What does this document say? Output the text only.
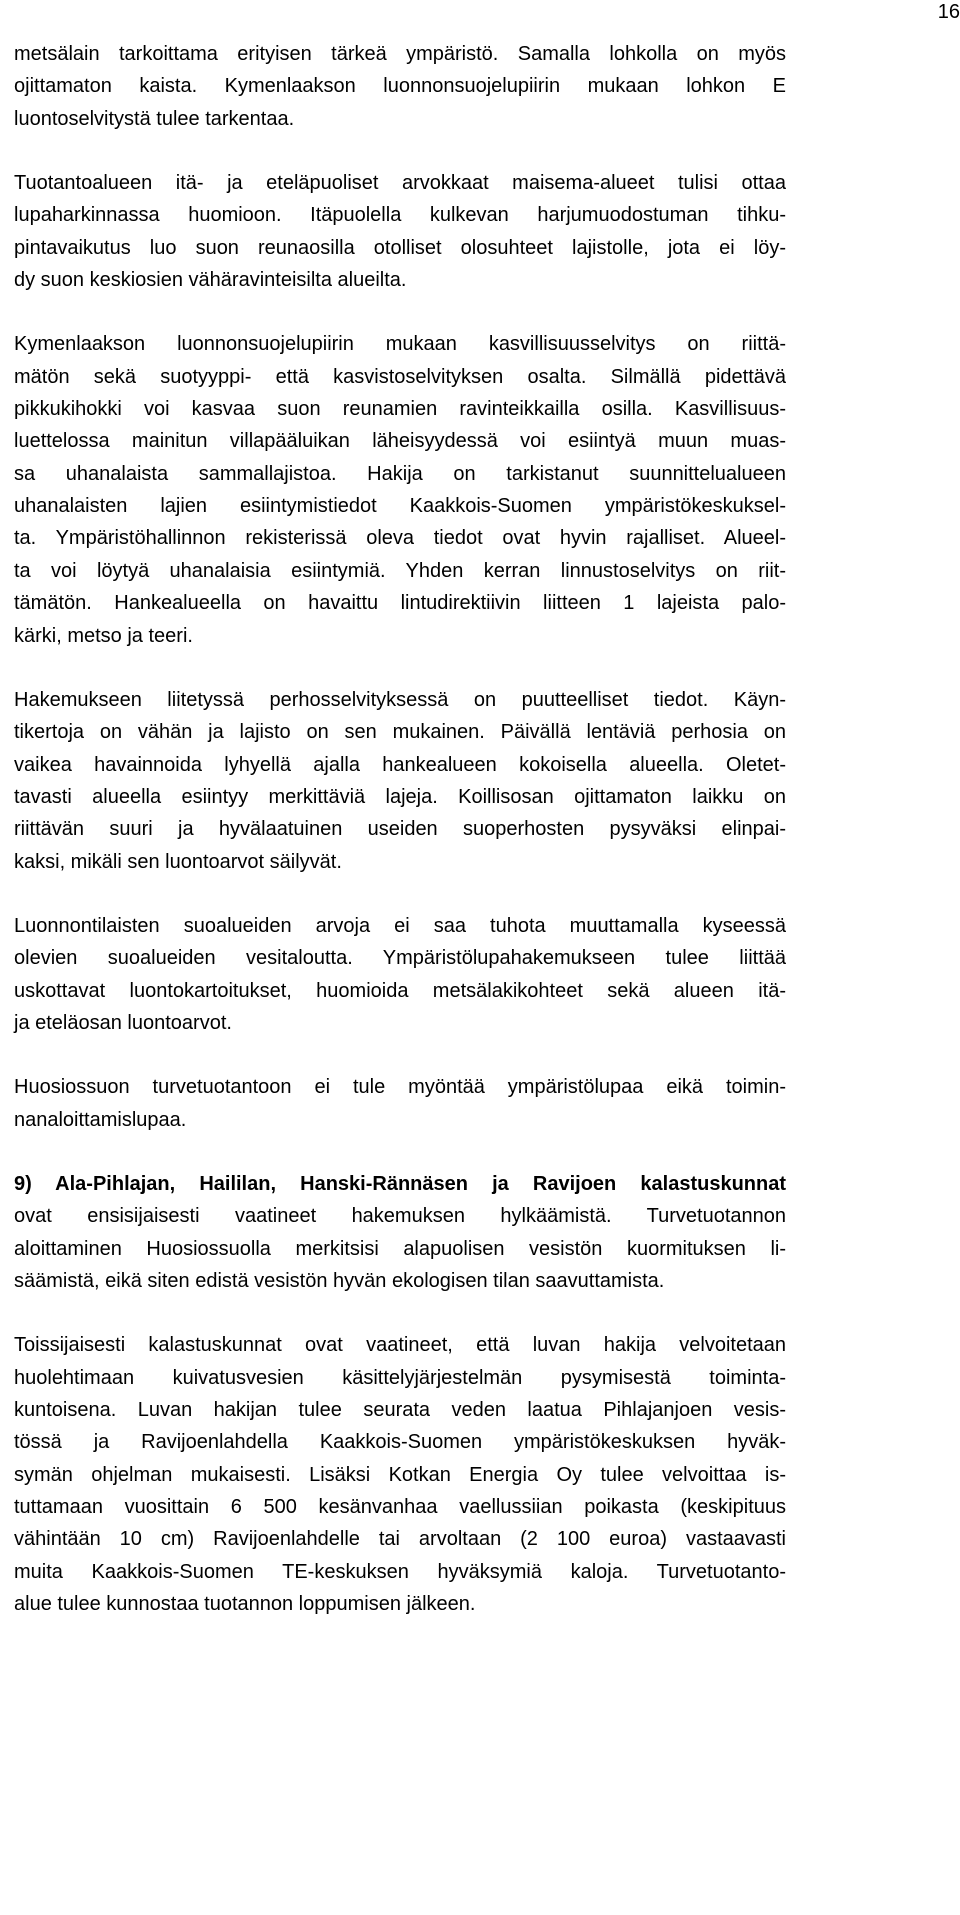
16
metsälain tarkoittama erityisen tärkeä ympäristö. Samalla lohkolla on myös
ojittamaton kaista. Kymenlaakson luonnonsuojelupiirin mukaan lohkon E
luontoselvitystä tulee tarkentaa.
Tuotantoalueen itä- ja eteläpuoliset arvokkaat maisema-alueet tulisi ottaa
lupaharkinnassa huomioon. Itäpuolella kulkevan harjumuodostuman tihku-
pintavaikutus luo suon reunaosilla otolliset olosuhteet lajistolle, jota ei löy-
dy suon keskiosien vähäravinteisilta alueilta.
Kymenlaakson luonnonsuojelupiirin mukaan kasvillisuusselvitys on riittä-
mätön sekä suotyyppi- että kasvistoselvityksen osalta. Silmällä pidettävä
pikkukihokki voi kasvaa suon reunamien ravinteikkailla osilla. Kasvillisuus-
luettelossa mainitun villapääluikan läheisyydessä voi esiintyä muun muas-
sa uhanalaista sammallajistoa. Hakija on tarkistanut suunnittelualueen
uhanalaisten lajien esiintymistiedot Kaakkois-Suomen ympäristökeskuksel-
ta. Ympäristöhallinnon rekisterissä oleva tiedot ovat hyvin rajalliset. Alueel-
ta voi löytyä uhanalaisia esiintymiä. Yhden kerran linnustoselvitys on riit-
tämätön. Hankealueella on havaittu lintudirektiivin liitteen 1 lajeista palo-
kärki, metso ja teeri.
Hakemukseen liitetyssä perhosselvityksessä on puutteelliset tiedot. Käyn-
tikertoja on vähän ja lajisto on sen mukainen. Päivällä lentäviä perhosia on
vaikea havainnoida lyhyellä ajalla hankealueen kokoisella alueella. Oletet-
tavasti alueella esiintyy merkittäviä lajeja. Koillisosan ojittamaton laikku on
riittävän suuri ja hyvälaatuinen useiden suoperhosten pysyväksi elinpai-
kaksi, mikäli sen luontoarvot säilyvät.
Luonnontilaisten suoalueiden arvoja ei saa tuhota muuttamalla kyseessä
olevien suoalueiden vesitaloutta. Ympäristölupahakemukseen tulee liittää
uskottavat luontokartoitukset, huomioida metsälakikohteet sekä alueen itä-
ja eteläosan luontoarvot.
Huosiossuon turvetuotantoon ei tule myöntää ympäristölupaa eikä toimin-
nanaloittamislupaa.
9) Ala-Pihlajan, Haililan, Hanski-Rännäsen ja Ravijoen kalastuskunnat
ovat ensisijaisesti vaatineet hakemuksen hylkäämistä. Turvetuotannon
aloittaminen Huosiossuolla merkitsisi alapuolisen vesistön kuormituksen li-
säämistä, eikä siten edistä vesistön hyvän ekologisen tilan saavuttamista.
Toissijaisesti kalastuskunnat ovat vaatineet, että luvan hakija velvoitetaan
huolehtimaan kuivatusvesien käsittelyjärjestelmän pysymisestä toiminta-
kuntoisena. Luvan hakijan tulee seurata veden laatua Pihlajanjoen vesis-
tössä ja Ravijoenlahdella Kaakkois-Suomen ympäristökeskuksen hyväk-
symän ohjelman mukaisesti. Lisäksi Kotkan Energia Oy tulee velvoittaa is-
tuttamaan vuosittain 6 500 kesänvanhaa vaellussiian poikasta (keskipituus
vähintään 10 cm) Ravijoenlahdelle tai arvoltaan (2 100 euroa) vastaavasti
muita Kaakkois-Suomen TE-keskuksen hyväksymiä kaloja. Turvetuotanto-
alue tulee kunnostaa tuotannon loppumisen jälkeen.
